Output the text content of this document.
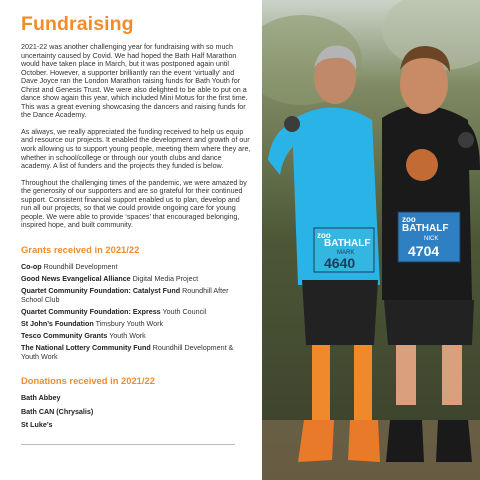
Fundraising

2021-22 was another challenging year for fundraising with so much uncertainty caused by Covid. We had hoped the Bath Half Marathon would have taken place in March, but it was postponed again until October. However, a supporter brilliantly ran the event ‘virtually’ and Dave Joyce ran the London Marathon raising funds for Bath Youth for Christ and Genesis Trust. We were also delighted to be able to put on a dance show again this year, which included Mini Motus for the first time. This was a great evening showcasing the dancers and raising funds for the Dance Academy.

As always, we really appreciated the funding received to help us equip and resource our projects. It enabled the development and growth of our work allowing us to support young people, meeting them where they are, whether in school/college or through our youth clubs and dance academy. A list of funders and the projects they funded is below.

Throughout the challenging times of the pandemic, we were amazed by the generosity of our supporters and are so grateful for their continued support. Consistent financial support enabled us to plan, develop and run all our projects, so that we could provide ongoing care for young people. We were able to provide ‘spaces’ that encouraged belonging, inspired hope, and built community.

Grants received in 2021/22

Co-op Roundhill Development

Good News Evangelical Alliance Digital Media Project

Quartet Community Foundation: Catalyst Fund Roundhill After School Club

Quartet Community Foundation: Express Youth Council

St John’s Foundation Timsbury Youth Work

Tesco Community Grants Youth Work

The National Lottery Community Fund Roundhill Development & Youth Work

Donations received in 2021/22

Bath Abbey

Bath CAN (Chrysalis)

St Luke’s

zoo
BATHALF
MARK
4640
zoo
BATHALF
NICK
4704
